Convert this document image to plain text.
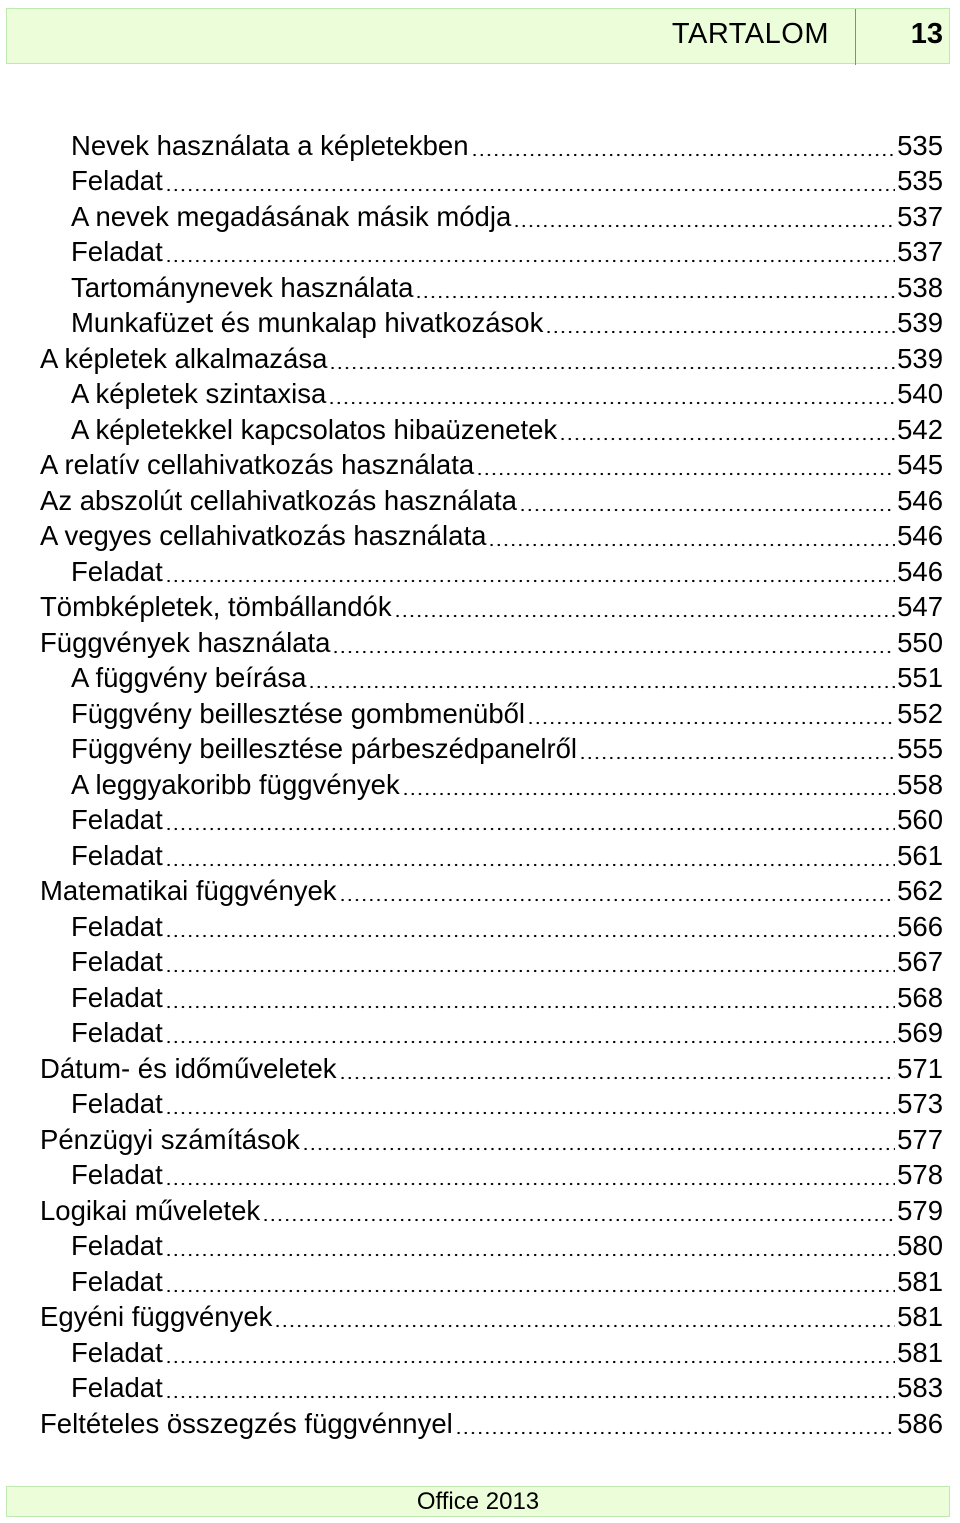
TARTALOM	13
Nevek használata a képletekben	535
Feladat	535
A nevek megadásának másik módja	537
Feladat	537
Tartománynevek használata	538
Munkafüzet és munkalap hivatkozások	539
A képletek alkalmazása	539
A képletek szintaxisa	540
A képletekkel kapcsolatos hibaüzenetek	542
A relatív cellahivatkozás használata	545
Az abszolút cellahivatkozás használata	546
A vegyes cellahivatkozás használata	546
Feladat	546
Tömbképletek, tömbállandók	547
Függvények használata	550
A függvény beírása	551
Függvény beillesztése gombmenüből	552
Függvény beillesztése párbeszédpanelről	555
A leggyakoribb függvények	558
Feladat	560
Feladat	561
Matematikai függvények	562
Feladat	566
Feladat	567
Feladat	568
Feladat	569
Dátum- és időműveletek	571
Feladat	573
Pénzügyi számítások	577
Feladat	578
Logikai műveletek	579
Feladat	580
Feladat	581
Egyéni függvények	581
Feladat	581
Feladat	583
Feltételes összegzés függvénnyel	586
Office 2013
